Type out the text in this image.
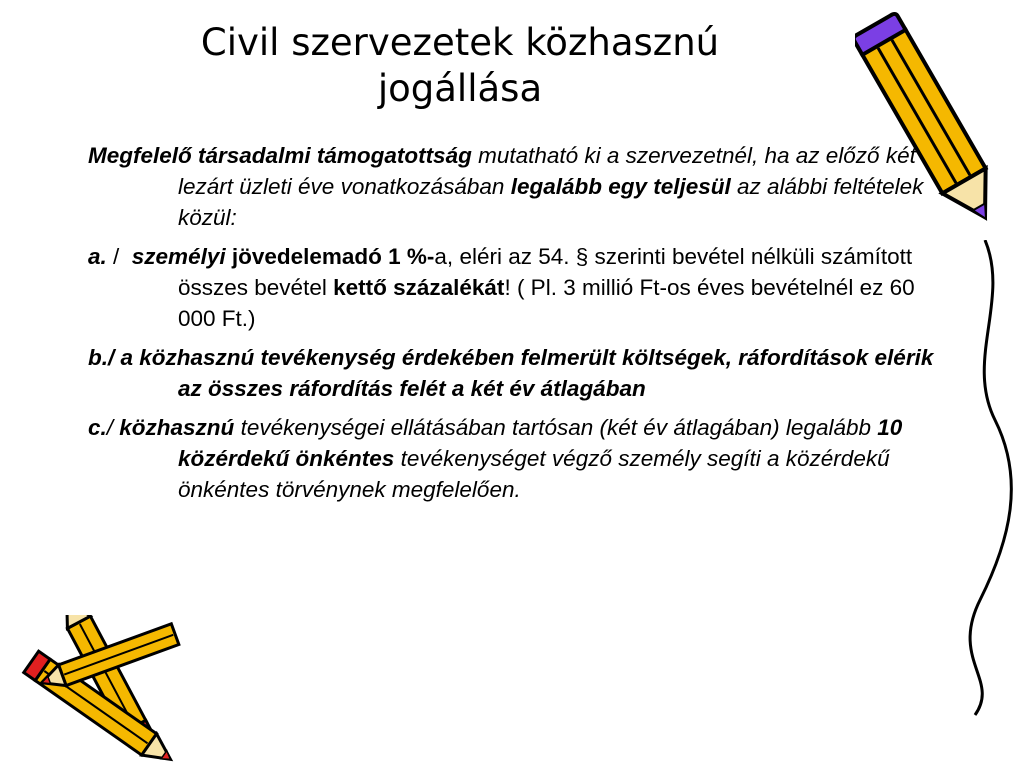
Civil szervezetek közhasznú
jogállása

Megfelelő társadalmi támogatottság mutatható ki a szervezetnél, ha az előző két lezárt üzleti éve vonatkozásában legalább egy teljesül az alábbi feltételek közül:

a. /  személyi jövedelemadó 1 %-a, eléri az 54. § szerinti bevétel nélküli számított összes bevétel kettő százalékát! ( Pl. 3 millió Ft-os éves bevételnél ez 60 000 Ft.)

b./ a közhasznú tevékenység érdekében felmerült költségek, ráfordítások elérik az összes ráfordítás felét a két év átlagában

c./ közhasznú tevékenységei ellátásában tartósan (két év átlagában) legalább 10 közérdekű önkéntes tevékenységet végző személy segíti a közérdekű önkéntes törvénynek megfelelően.
